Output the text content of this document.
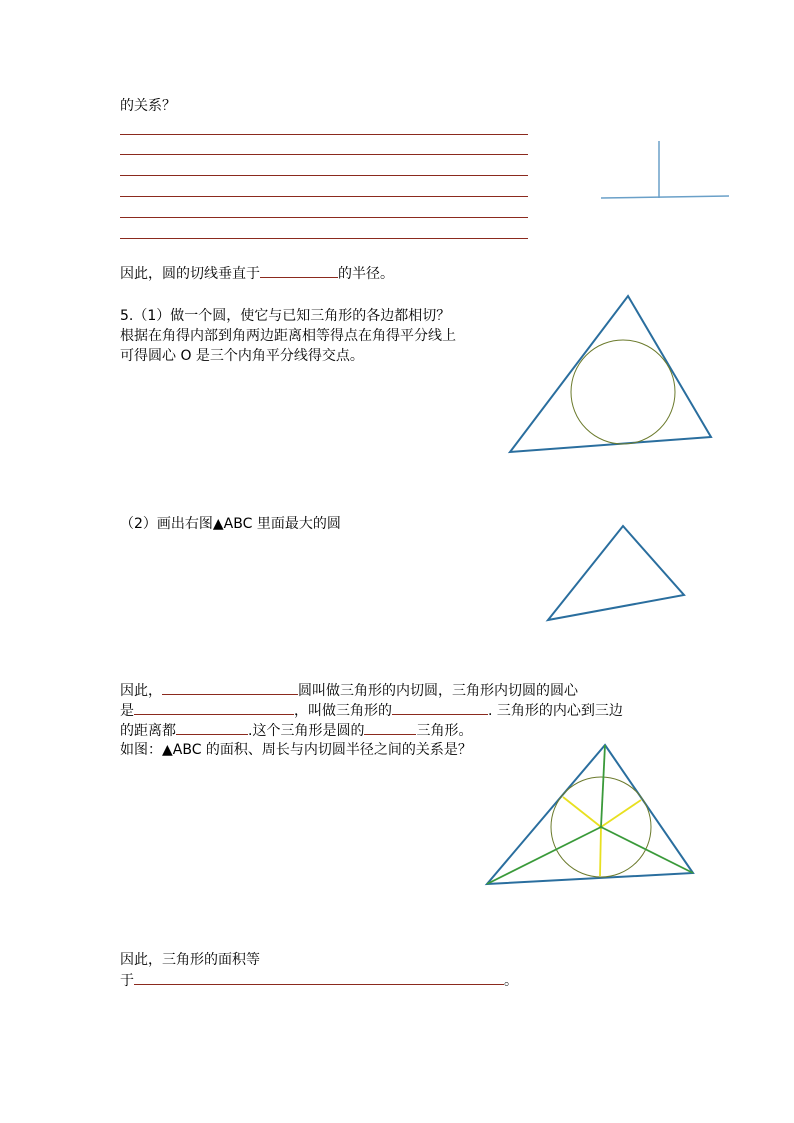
的关系？
因此，圆的切线垂直于	的半径。
5.（1）做一个圆，使它与已知三角形的各边都相切？
根据在角得内部到角两边距离相等得点在角得平分线上
可得圆心 O 是三个内角平分线得交点。
（2）画出右图▲ABC 里面最大的圆
因此，	圆叫做三角形的内切圆，三角形内切圆的圆心
是	，叫做三角形的	. 三角形的内心到三边
的距离都	.这个三角形是圆的	三角形。
如图：▲ABC 的面积、周长与内切圆半径之间的关系是？
因此，三角形的面积等
于	。
